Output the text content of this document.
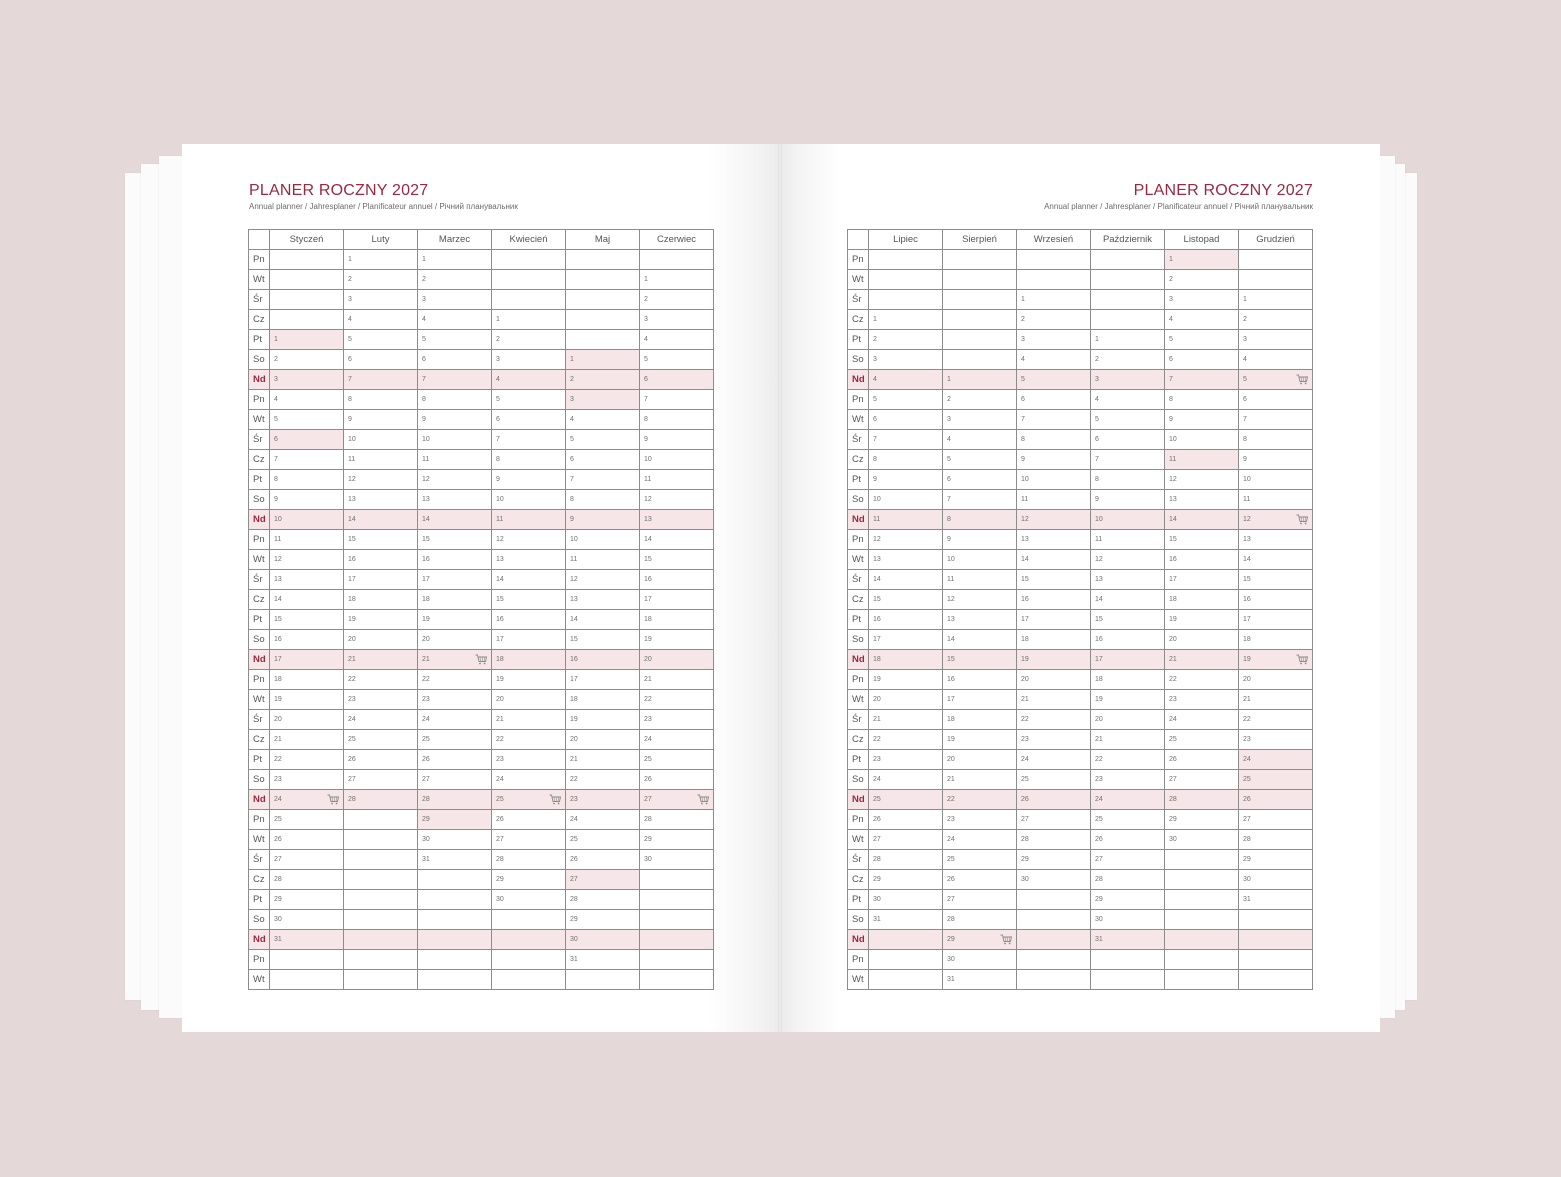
PLANER ROCZNY 2027

Annual planner / Jahresplaner / Planificateur annuel / Річний планувальник

	Styczeń	Luty	Marzec	Kwiecień	Maj	Czerwiec
Pn		1	1			
Wt		2	2			1
Śr		3	3			2
Cz		4	4	1		3
Pt	1	5	5	2		4
So	2	6	6	3	1	5
Nd	3	7	7	4	2	6
Pn	4	8	8	5	3	7
Wt	5	9	9	6	4	8
Śr	6	10	10	7	5	9
Cz	7	11	11	8	6	10
Pt	8	12	12	9	7	11
So	9	13	13	10	8	12
Nd	10	14	14	11	9	13
Pn	11	15	15	12	10	14
Wt	12	16	16	13	11	15
Śr	13	17	17	14	12	16
Cz	14	18	18	15	13	17
Pt	15	19	19	16	14	18
So	16	20	20	17	15	19
Nd	17	21	21	18	16	20
Pn	18	22	22	19	17	21
Wt	19	23	23	20	18	22
Śr	20	24	24	21	19	23
Cz	21	25	25	22	20	24
Pt	22	26	26	23	21	25
So	23	27	27	24	22	26
Nd	24	28	28	25	23	27

Pn	25		29	26	24	28
Wt	26		30	27	25	29
Śr	27		31	28	26	30
Cz	28			29	27	
Pt	29			30	28	
So	30				29	
Nd	31				30	
Pn					31	
Wt						
PLANER ROCZNY 2027

Annual planner / Jahresplaner / Planificateur annuel / Річний планувальник

	Lipiec	Sierpień	Wrzesień	Październik	Listopad	Grudzień
Pn					1	
Wt					2	
Śr			1		3	1
Cz	1		2		4	2
Pt	2		3	1	5	3
So	3		4	2	6	4
Nd	4	1	5	3	7	5

Pn	5	2	6	4	8	6
Wt	6	3	7	5	9	7
Śr	7	4	8	6	10	8
Cz	8	5	9	7	11	9
Pt	9	6	10	8	12	10
So	10	7	11	9	13	11
Nd	11	8	12	10	14	12

Pn	12	9	13	11	15	13
Wt	13	10	14	12	16	14
Śr	14	11	15	13	17	15
Cz	15	12	16	14	18	16
Pt	16	13	17	15	19	17
So	17	14	18	16	20	18
Nd	18	15	19	17	21	19

Pn	19	16	20	18	22	20
Wt	20	17	21	19	23	21
Śr	21	18	22	20	24	22
Cz	22	19	23	21	25	23
Pt	23	20	24	22	26	24
So	24	21	25	23	27	25
Nd	25	22	26	24	28	26
Pn	26	23	27	25	29	27
Wt	27	24	28	26	30	28
Śr	28	25	29	27		29
Cz	29	26	30	28		30
Pt	30	27		29		31
So	31	28		30		
Nd		29		31		
Pn		30				
Wt		31				
